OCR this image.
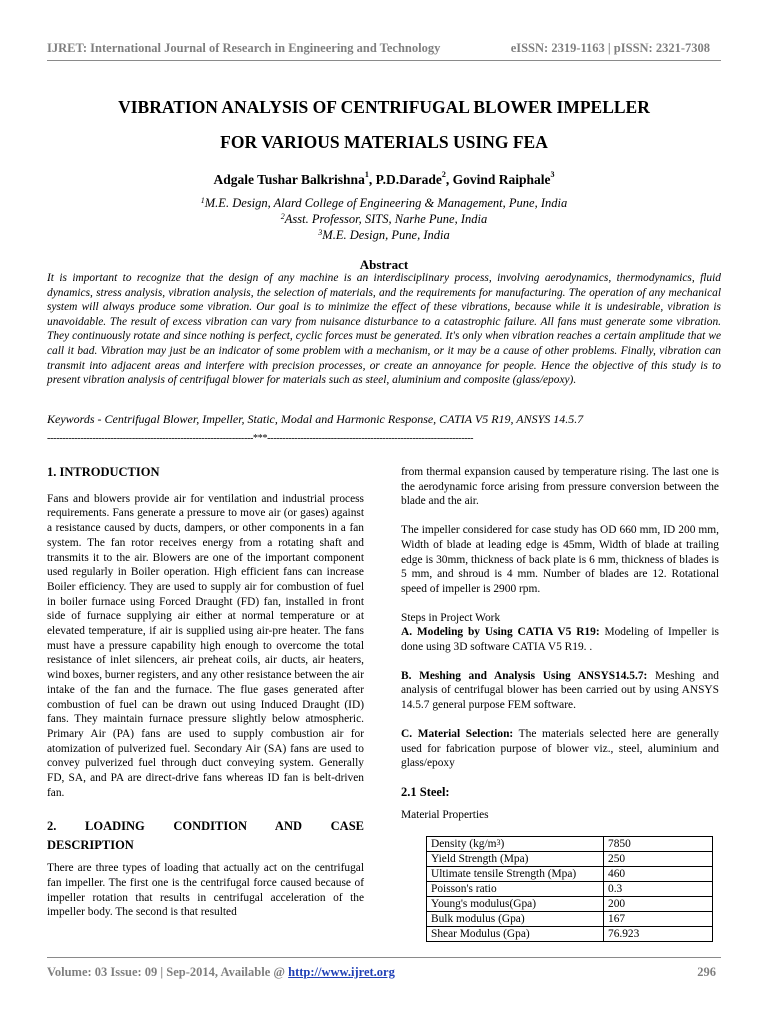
IJRET: International Journal of Research in Engineering and Technology	eISSN: 2319-1163 | pISSN: 2321-7308
VIBRATION ANALYSIS OF CENTRIFUGAL BLOWER IMPELLER
FOR VARIOUS MATERIALS USING FEA
Adgale Tushar Balkrishna$^1$, P.D.Darade$^2$, Govind Raiphale$^3$
$^1$M.E. Design, Alard College of Engineering & Management, Pune, India
$^2$Asst. Professor, SITS, Narhe Pune, India
$^3$M.E. Design, Pune, India
Abstract
It is important to recognize that the design of any machine is an interdisciplinary process, involving aerodynamics, thermodynamics, fluid dynamics, stress analysis, vibration analysis, the selection of materials, and the requirements for manufacturing. The operation of any mechanical system will always produce some vibration. Our goal is to minimize the effect of these vibrations, because while it is undesirable, vibration is unavoidable. The result of excess vibration can vary from nuisance disturbance to a catastrophic failure. All fans must generate some vibration. They continuously rotate and since nothing is perfect, cyclic forces must be generated. It's only when vibration reaches a certain amplitude that we call it bad. Vibration may just be an indicator of some problem with a mechanism, or it may be a cause of other problems. Finally, vibration can transmit into adjacent areas and interfere with precision processes, or create an annoyance for people. Hence the objective of this study is to present vibration analysis of centrifugal blower for materials such as steel, aluminium and composite (glass/epoxy).
Keywords - Centrifugal Blower, Impeller, Static, Modal and Harmonic Response, CATIA V5 R19, ANSYS 14.5.7
--------------------------------------------------------------------***--------------------------------------------------------------------
1. INTRODUCTION

Fans and blowers provide air for ventilation and industrial process requirements. Fans generate a pressure to move air (or gases) against a resistance caused by ducts, dampers, or other components in a fan system. The fan rotor receives energy from a rotating shaft and transmits it to the air. Blowers are one of the important component used regularly in Boiler operation. High efficient fans can increase Boiler efficiency. They are used to supply air for combustion of fuel in boiler furnace using Forced Draught (FD) fan, installed in front side of furnace supplying air either at normal temperature or at elevated temperature, if air is supplied using air-pre heater. The fans must have a pressure capability high enough to overcome the total resistance of inlet silencers, air preheat coils, air ducts, air heaters, wind boxes, burner registers, and any other resistance between the air intake of the fan and the furnace. The flue gases generated after combustion of fuel can be drawn out using Induced Draught (ID) fans. They maintain furnace pressure slightly below atmospheric. Primary Air (PA) fans are used to supply combustion air for atomization of pulverized fuel. Secondary Air (SA) fans are used to convey pulverized fuel through duct conveying system. Generally FD, SA, and PA are direct-drive fans whereas ID fan is belt-driven fan.

2. LOADING CONDITION AND CASE
DESCRIPTION

There are three types of loading that actually act on the centrifugal fan impeller. The first one is the centrifugal force caused because of impeller rotation that results in centrifugal acceleration of the impeller body. The second is that resulted

from thermal expansion caused by temperature rising. The last one is the aerodynamic force arising from pressure conversion between the blade and the air.

The impeller considered for case study has OD 660 mm, ID 200 mm, Width of blade at leading edge is 45mm, Width of blade at trailing edge is 30mm, thickness of back plate is 6 mm, thickness of blades is 5 mm, and shroud is 4 mm. Number of blades are 12. Rotational speed of impeller is 2900 rpm.

Steps in Project Work

A. Modeling by Using CATIA V5 R19: Modeling of Impeller is done using 3D software CATIA V5 R19. .

B. Meshing and Analysis Using ANSYS14.5.7: Meshing and analysis of centrifugal blower has been carried out by using ANSYS 14.5.7 general purpose FEM software.

C. Material Selection: The materials selected here are generally used for fabrication purpose of blower viz., steel, aluminium and glass/epoxy

2.1 Steel:

Material Properties

Density $(kg/m^3)$	7850
Yield Strength (Mpa)	250
Ultimate tensile Strength (Mpa)	460
Poisson's ratio	0.3
Young's modulus(Gpa)	200
Bulk modulus (Gpa)	167
Shear Modulus (Gpa)	76.923
Volume: 03 Issue: 09 | Sep-2014, Available @ http://www.ijret.org	296
